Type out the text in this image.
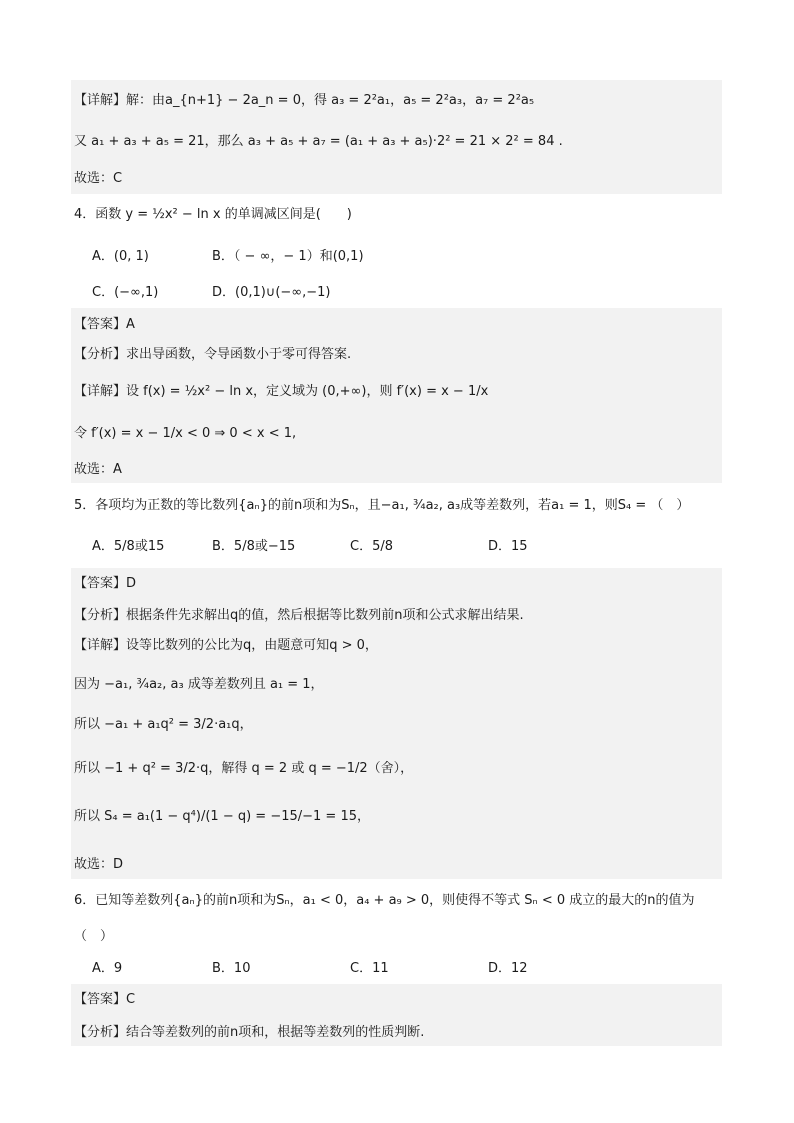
【详解】解：由a_{n+1} − 2a_n = 0，得 a₃ = 2²a₁，a₅ = 2²a₃，a₇ = 2²a₅
又 a₁ + a₃ + a₅ = 21，那么 a₃ + a₅ + a₇ = (a₁ + a₃ + a₅)·2² = 21 × 2² = 84 .
故选：C
4．函数 y = ½x² − ln x 的单调减区间是(　　)
A．(0, 1)	B．（ − ∞，− 1）和(0,1)
C．(−∞,1)	D．(0,1)∪(−∞,−1)
【答案】A
【分析】求出导函数，令导函数小于零可得答案.
【详解】设 f(x) = ½x² − ln x，定义域为 (0,+∞)，则 f′(x) = x − 1/x
令 f′(x) = x − 1/x < 0 ⇒ 0 < x < 1,
故选：A
5．各项均为正数的等比数列{aₙ}的前n项和为Sₙ，且−a₁, ¾a₂, a₃成等差数列，若a₁ = 1，则S₄ = （　）
A．5/8或15	B．5/8或−15	C．5/8	D．15
【答案】D
【分析】根据条件先求解出q的值，然后根据等比数列前n项和公式求解出结果.
【详解】设等比数列的公比为q，由题意可知q > 0，
因为 −a₁, ¾a₂, a₃ 成等差数列且 a₁ = 1，
所以 −a₁ + a₁q² = 3/2·a₁q，
所以 −1 + q² = 3/2·q，解得 q = 2 或 q = −1/2（舍），
所以 S₄ = a₁(1 − q⁴)/(1 − q) = −15/−1 = 15，
故选：D
6．已知等差数列{aₙ}的前n项和为Sₙ，a₁ < 0，a₄ + a₉ > 0，则使得不等式 Sₙ < 0 成立的最大的n的值为
（　）
A．9	B．10	C．11	D．12
【答案】C
【分析】结合等差数列的前n项和，根据等差数列的性质判断.
